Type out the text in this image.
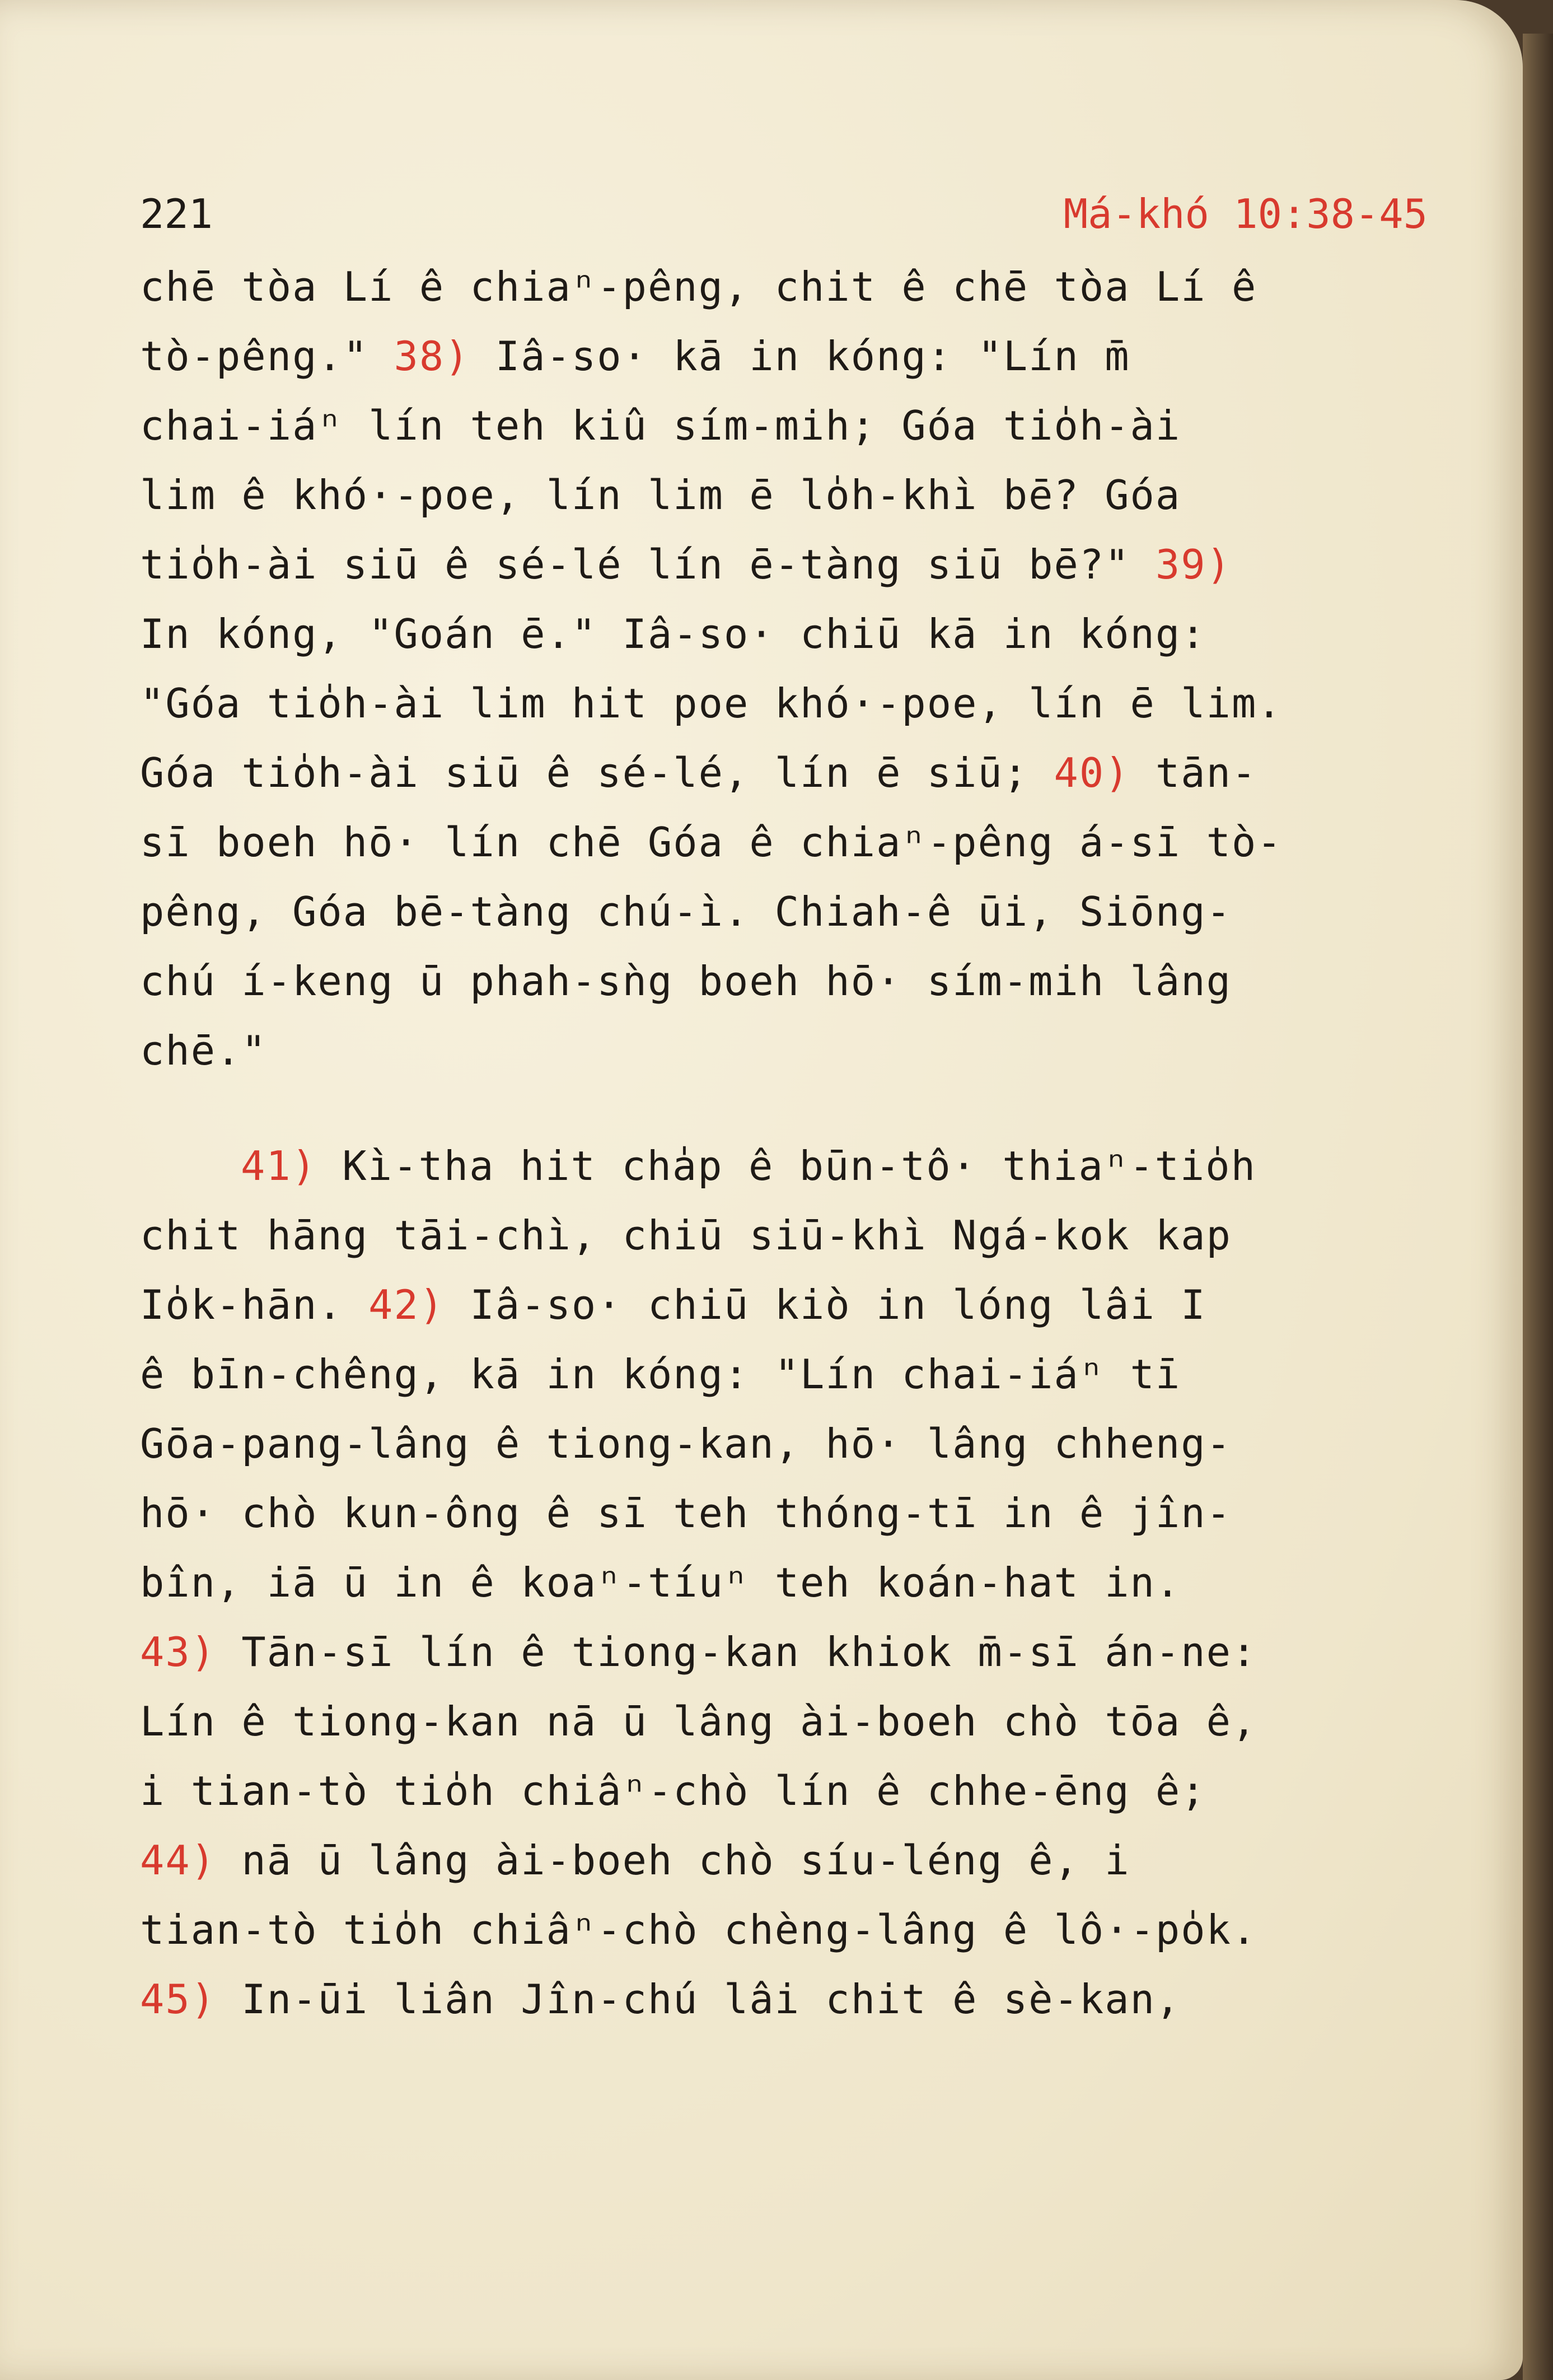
221	Má-khó 10:38-45
chē tòa Lí ê chiaⁿ-pêng, chit ê chē tòa Lí ê
tò-pêng." 38) Iâ-so· kā in kóng: "Lín m̄
chai-iáⁿ lín teh kiû sím-mih; Góa tio̍h-ài
lim ê khó·-poe, lín lim ē lo̍h-khì bē? Góa
tio̍h-ài siū ê sé-lé lín ē-tàng siū bē?" 39)
In kóng, "Goán ē." Iâ-so· chiū kā in kóng:
"Góa tio̍h-ài lim hit poe khó·-poe, lín ē lim.
Góa tio̍h-ài siū ê sé-lé, lín ē siū; 40) tān-
sī boeh hō· lín chē Góa ê chiaⁿ-pêng á-sī tò-
pêng, Góa bē-tàng chú-ì. Chiah-ê ūi, Siōng-
chú í-keng ū phah-sǹg boeh hō· sím-mih lâng
chē."
41) Kì-tha hit cha̍p ê būn-tô· thiaⁿ-tio̍h
chit hāng tāi-chì, chiū siū-khì Ngá-kok kap
Io̍k-hān. 42) Iâ-so· chiū kiò in lóng lâi I
ê bīn-chêng, kā in kóng: "Lín chai-iáⁿ tī
Gōa-pang-lâng ê tiong-kan, hō· lâng chheng-
hō· chò kun-ông ê sī teh thóng-tī in ê jîn-
bîn, iā ū in ê koaⁿ-tíuⁿ teh koán-hat in.
43) Tān-sī lín ê tiong-kan khiok m̄-sī án-ne:
Lín ê tiong-kan nā ū lâng ài-boeh chò tōa ê,
i tian-tò tio̍h chiâⁿ-chò lín ê chhe-ēng ê;
44) nā ū lâng ài-boeh chò síu-léng ê, i
tian-tò tio̍h chiâⁿ-chò chèng-lâng ê lô·-po̍k.
45) In-ūi liân Jîn-chú lâi chit ê sè-kan,
